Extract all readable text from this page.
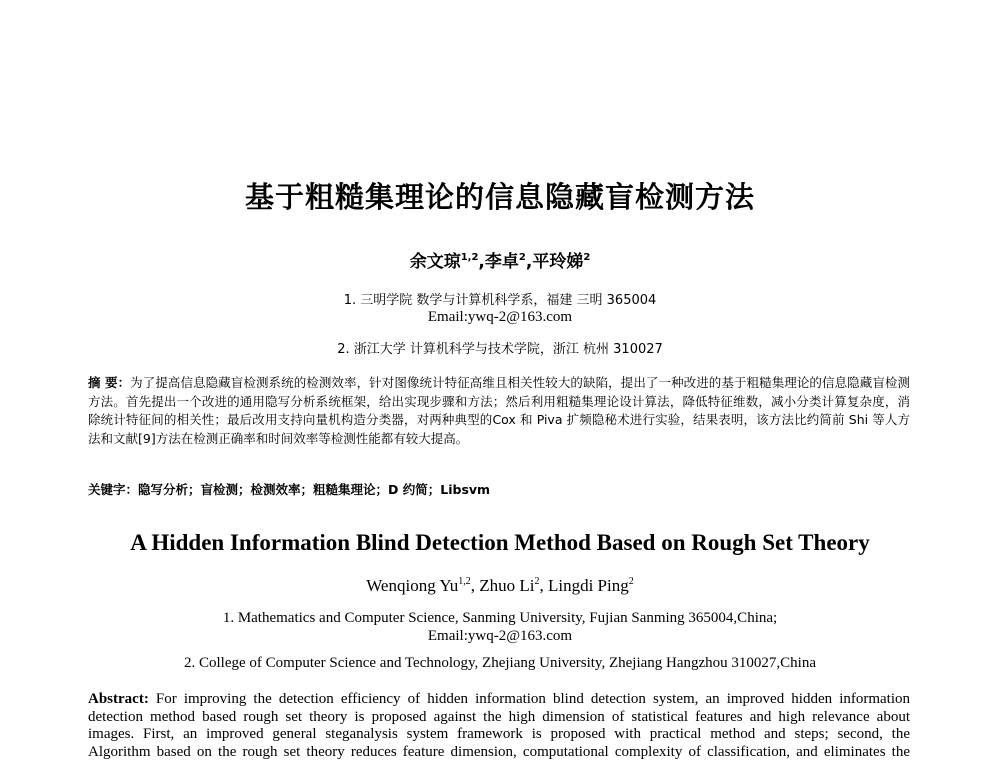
基于粗糙集理论的信息隐藏盲检测方法
余文琼$^{1,2}$,李卓$^2$,平玲娣$^2$
1. 三明学院 数学与计算机科学系，福建 三明 365004
Email:ywq-2@163.com
2. 浙江大学 计算机科学与技术学院，浙江 杭州 310027
摘 要：为了提高信息隐藏盲检测系统的检测效率，针对图像统计特征高维且相关性较大的缺陷，提出了一种改进的基于粗糙集理论的信息隐藏盲检测方法。首先提出一个改进的通用隐写分析系统框架，给出实现步骤和方法；然后利用粗糙集理论设计算法，降低特征维数，减小分类计算复杂度，消除统计特征间的相关性；最后改用支持向量机构造分类器，对两种典型的Cox 和 Piva 扩频隐秘术进行实验，结果表明，该方法比约简前 Shi 等人方法和文献[9]方法在检测正确率和时间效率等检测性能都有较大提高。
关键字：隐写分析；盲检测；检测效率；粗糙集理论；D 约简；Libsvm
A Hidden Information Blind Detection Method Based on Rough Set Theory
Wenqiong Yu$^{1,2}$, Zhuo Li$^2$, Lingdi Ping$^2$
1. Mathematics and Computer Science, Sanming University, Fujian Sanming 365004,China;
Email:ywq-2@163.com
2. College of Computer Science and Technology, Zhejiang University, Zhejiang Hangzhou 310027,China
Abstract: For improving the detection efficiency of hidden information blind detection system, an improved hidden information
detection method based rough set theory is proposed against the high dimension of statistical features and high relevance about
images. First, an improved general steganalysis system framework is proposed with practical method and steps; second, the
Algorithm based on the rough set theory reduces feature dimension, computational complexity of classification, and eliminates the
